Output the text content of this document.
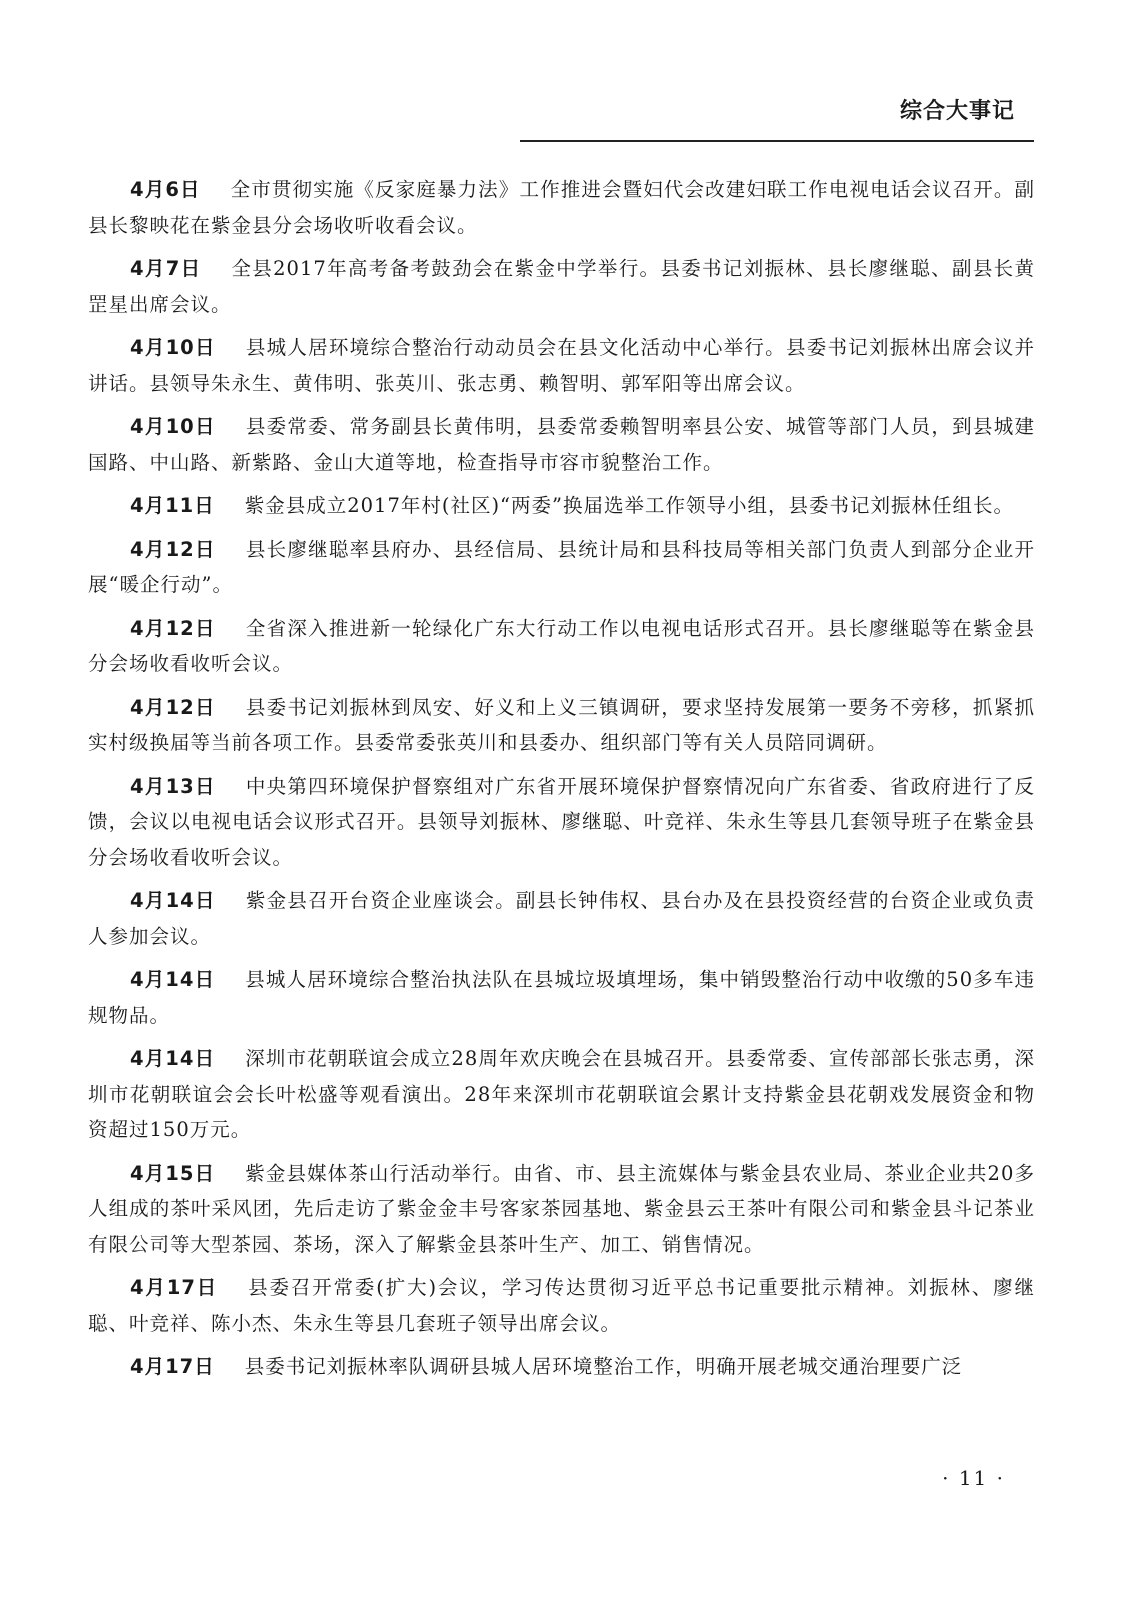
综合大事记

4月6日 全市贯彻实施《反家庭暴力法》工作推进会暨妇代会改建妇联工作电视电话会议召开。副县长黎映花在紫金县分会场收听收看会议。

4月7日 全县2017年高考备考鼓劲会在紫金中学举行。县委书记刘振林、县长廖继聪、副县长黄罡星出席会议。

4月10日 县城人居环境综合整治行动动员会在县文化活动中心举行。县委书记刘振林出席会议并讲话。县领导朱永生、黄伟明、张英川、张志勇、赖智明、郭军阳等出席会议。

4月10日 县委常委、常务副县长黄伟明，县委常委赖智明率县公安、城管等部门人员，到县城建国路、中山路、新紫路、金山大道等地，检查指导市容市貌整治工作。

4月11日 紫金县成立2017年村(社区)“两委”换届选举工作领导小组，县委书记刘振林任组长。

4月12日 县长廖继聪率县府办、县经信局、县统计局和县科技局等相关部门负责人到部分企业开展“暖企行动”。

4月12日 全省深入推进新一轮绿化广东大行动工作以电视电话形式召开。县长廖继聪等在紫金县分会场收看收听会议。

4月12日 县委书记刘振林到凤安、好义和上义三镇调研，要求坚持发展第一要务不旁移，抓紧抓实村级换届等当前各项工作。县委常委张英川和县委办、组织部门等有关人员陪同调研。

4月13日 中央第四环境保护督察组对广东省开展环境保护督察情况向广东省委、省政府进行了反馈，会议以电视电话会议形式召开。县领导刘振林、廖继聪、叶竞祥、朱永生等县几套领导班子在紫金县分会场收看收听会议。

4月14日 紫金县召开台资企业座谈会。副县长钟伟权、县台办及在县投资经营的台资企业或负责人参加会议。

4月14日 县城人居环境综合整治执法队在县城垃圾填埋场，集中销毁整治行动中收缴的50多车违规物品。

4月14日 深圳市花朝联谊会成立28周年欢庆晚会在县城召开。县委常委、宣传部部长张志勇，深圳市花朝联谊会会长叶松盛等观看演出。28年来深圳市花朝联谊会累计支持紫金县花朝戏发展资金和物资超过150万元。

4月15日 紫金县媒体茶山行活动举行。由省、市、县主流媒体与紫金县农业局、茶业企业共20多人组成的茶叶采风团，先后走访了紫金金丰号客家茶园基地、紫金县云王茶叶有限公司和紫金县斗记茶业有限公司等大型茶园、茶场，深入了解紫金县茶叶生产、加工、销售情况。

4月17日 县委召开常委(扩大)会议，学习传达贯彻习近平总书记重要批示精神。刘振林、廖继聪、叶竞祥、陈小杰、朱永生等县几套班子领导出席会议。

4月17日 县委书记刘振林率队调研县城人居环境整治工作，明确开展老城交通治理要广泛

· 11 ·
